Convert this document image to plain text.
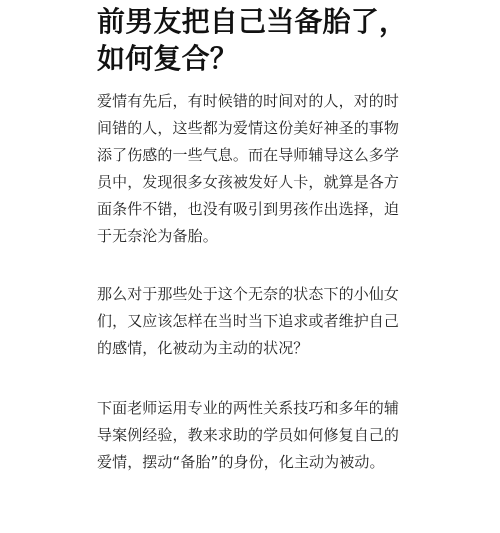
前男友把自己当备胎了，如何复合？

爱情有先后，有时候错的时间对的人，对的时间错的人，这些都为爱情这份美好神圣的事物添了伤感的一些气息。而在导师辅导这么多学员中，发现很多女孩被发好人卡，就算是各方面条件不错，也没有吸引到男孩作出选择，迫于无奈沦为备胎。

那么对于那些处于这个无奈的状态下的小仙女们，又应该怎样在当时当下追求或者维护自己的感情，化被动为主动的状况？

下面老师运用专业的两性关系技巧和多年的辅导案例经验，教来求助的学员如何修复自己的爱情，摆动“备胎”的身份，化主动为被动。
